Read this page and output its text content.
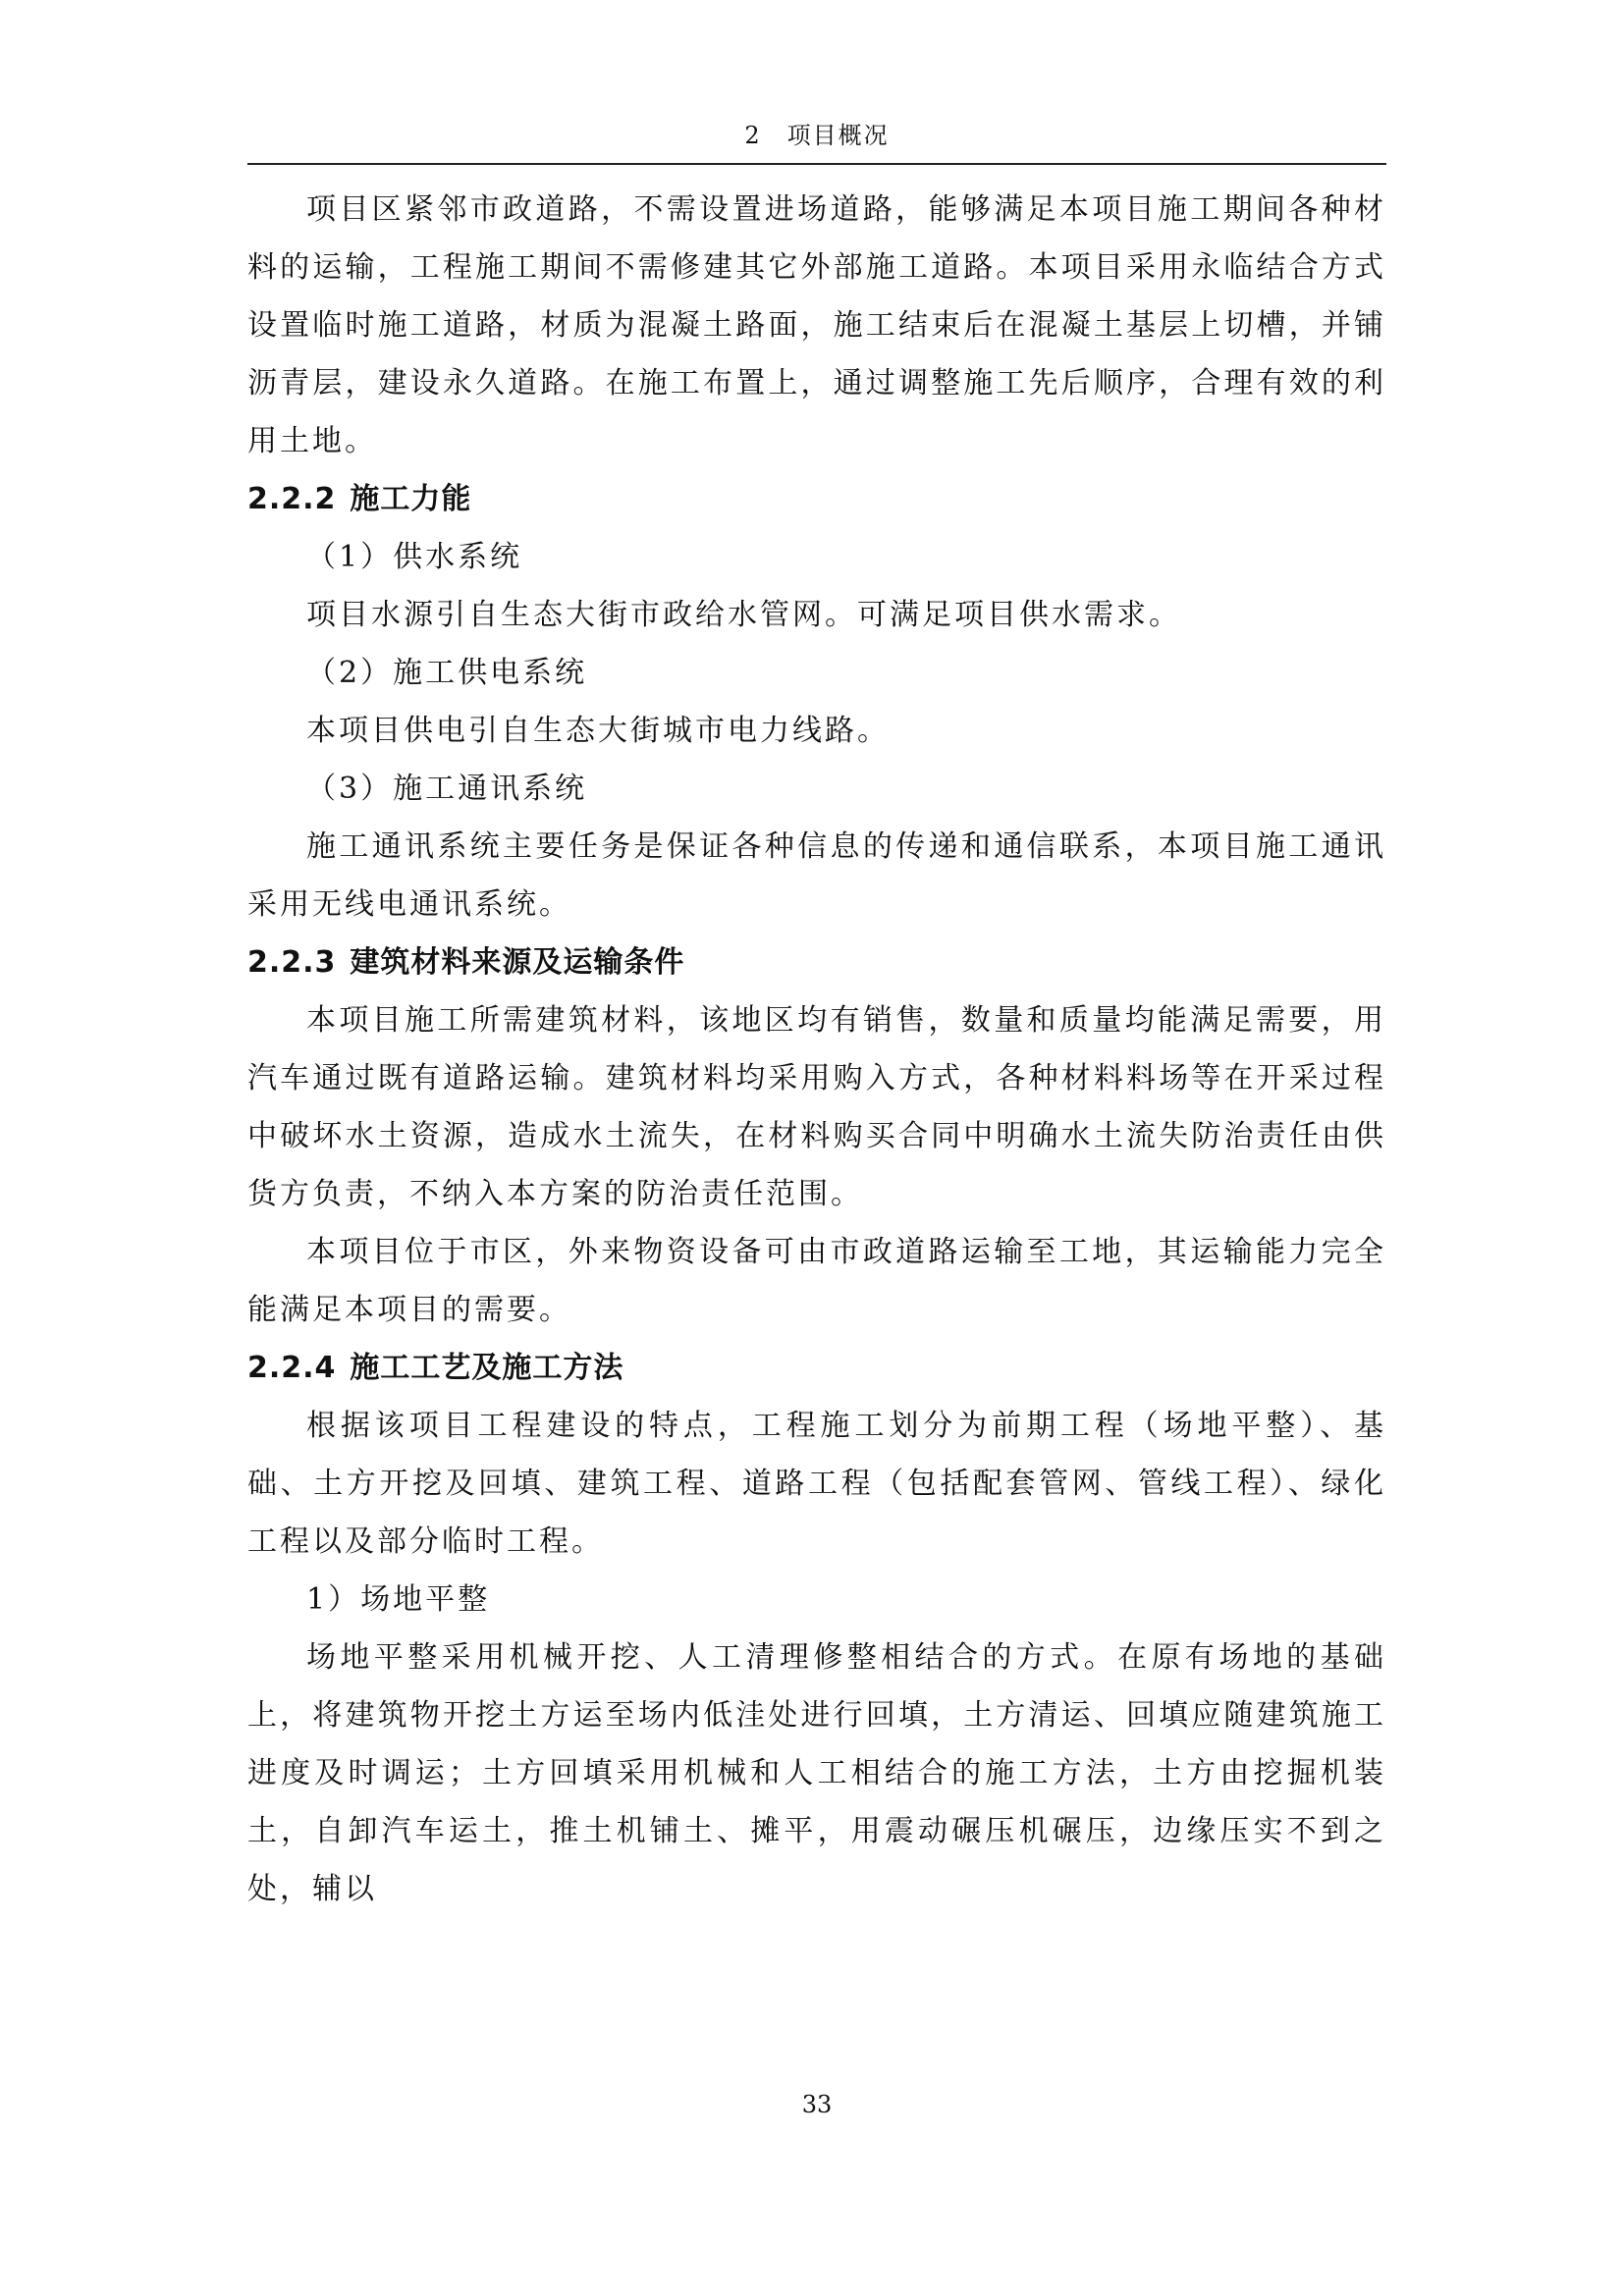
2　项目概况

项目区紧邻市政道路，不需设置进场道路，能够满足本项目施工期间各种材料的运输，工程施工期间不需修建其它外部施工道路。本项目采用永临结合方式设置临时施工道路，材质为混凝土路面，施工结束后在混凝土基层上切槽，并铺沥青层，建设永久道路。在施工布置上，通过调整施工先后顺序，合理有效的利用土地。

2.2.2 施工力能

（1）供水系统

项目水源引自生态大街市政给水管网。可满足项目供水需求。

（2）施工供电系统

本项目供电引自生态大街城市电力线路。

（3）施工通讯系统

施工通讯系统主要任务是保证各种信息的传递和通信联系，本项目施工通讯采用无线电通讯系统。

2.2.3 建筑材料来源及运输条件

本项目施工所需建筑材料，该地区均有销售，数量和质量均能满足需要，用汽车通过既有道路运输。建筑材料均采用购入方式，各种材料料场等在开采过程中破坏水土资源，造成水土流失，在材料购买合同中明确水土流失防治责任由供货方负责，不纳入本方案的防治责任范围。

本项目位于市区，外来物资设备可由市政道路运输至工地，其运输能力完全能满足本项目的需要。

2.2.4 施工工艺及施工方法

根据该项目工程建设的特点，工程施工划分为前期工程（场地平整）、基础、土方开挖及回填、建筑工程、道路工程（包括配套管网、管线工程）、绿化工程以及部分临时工程。

1）场地平整

场地平整采用机械开挖、人工清理修整相结合的方式。在原有场地的基础上，将建筑物开挖土方运至场内低洼处进行回填，土方清运、回填应随建筑施工进度及时调运；土方回填采用机械和人工相结合的施工方法，土方由挖掘机装土，自卸汽车运土，推土机铺土、摊平，用震动碾压机碾压，边缘压实不到之处，辅以

33
